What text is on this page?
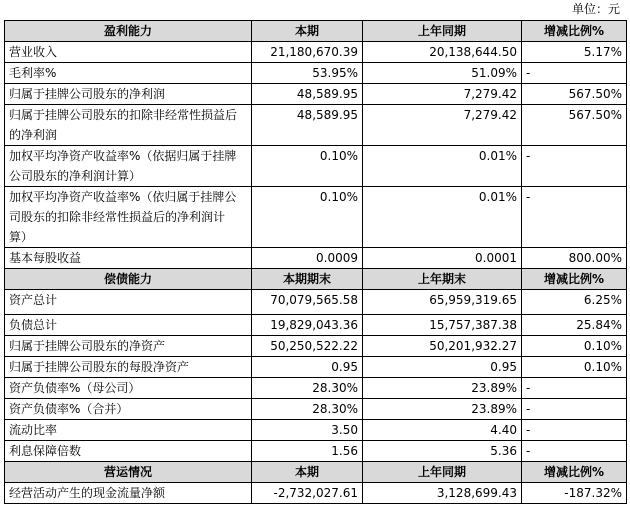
单位：元
盈利能力	本期	上年同期	增减比例%
营业收入	21,180,670.39	20,138,644.50	5.17%
毛利率%	53.95%	51.09%	-
归属于挂牌公司股东的净利润	48,589.95	7,279.42	567.50%
归属于挂牌公司股东的扣除非经常性损益后的净利润	48,589.95	7,279.42	567.50%
加权平均净资产收益率%（依据归属于挂牌公司股东的净利润计算）	0.10%	0.01%	-
加权平均净资产收益率%（依归属于挂牌公司股东的扣除非经常性损益后的净利润计算）	0.10%	0.01%	-
基本每股收益	0.0009	0.0001	800.00%
偿债能力	本期期末	上年期末	增减比例%
资产总计	70,079,565.58	65,959,319.65	6.25%
负债总计	19,829,043.36	15,757,387.38	25.84%
归属于挂牌公司股东的净资产	50,250,522.22	50,201,932.27	0.10%
归属于挂牌公司股东的每股净资产	0.95	0.95	0.10%
资产负债率%（母公司）	28.30%	23.89%	-
资产负债率%（合并）	28.30%	23.89%	-
流动比率	3.50	4.40	-
利息保障倍数	1.56	5.36	-
营运情况	本期	上年同期	增减比例%
经营活动产生的现金流量净额	-2,732,027.61	3,128,699.43	-187.32%
